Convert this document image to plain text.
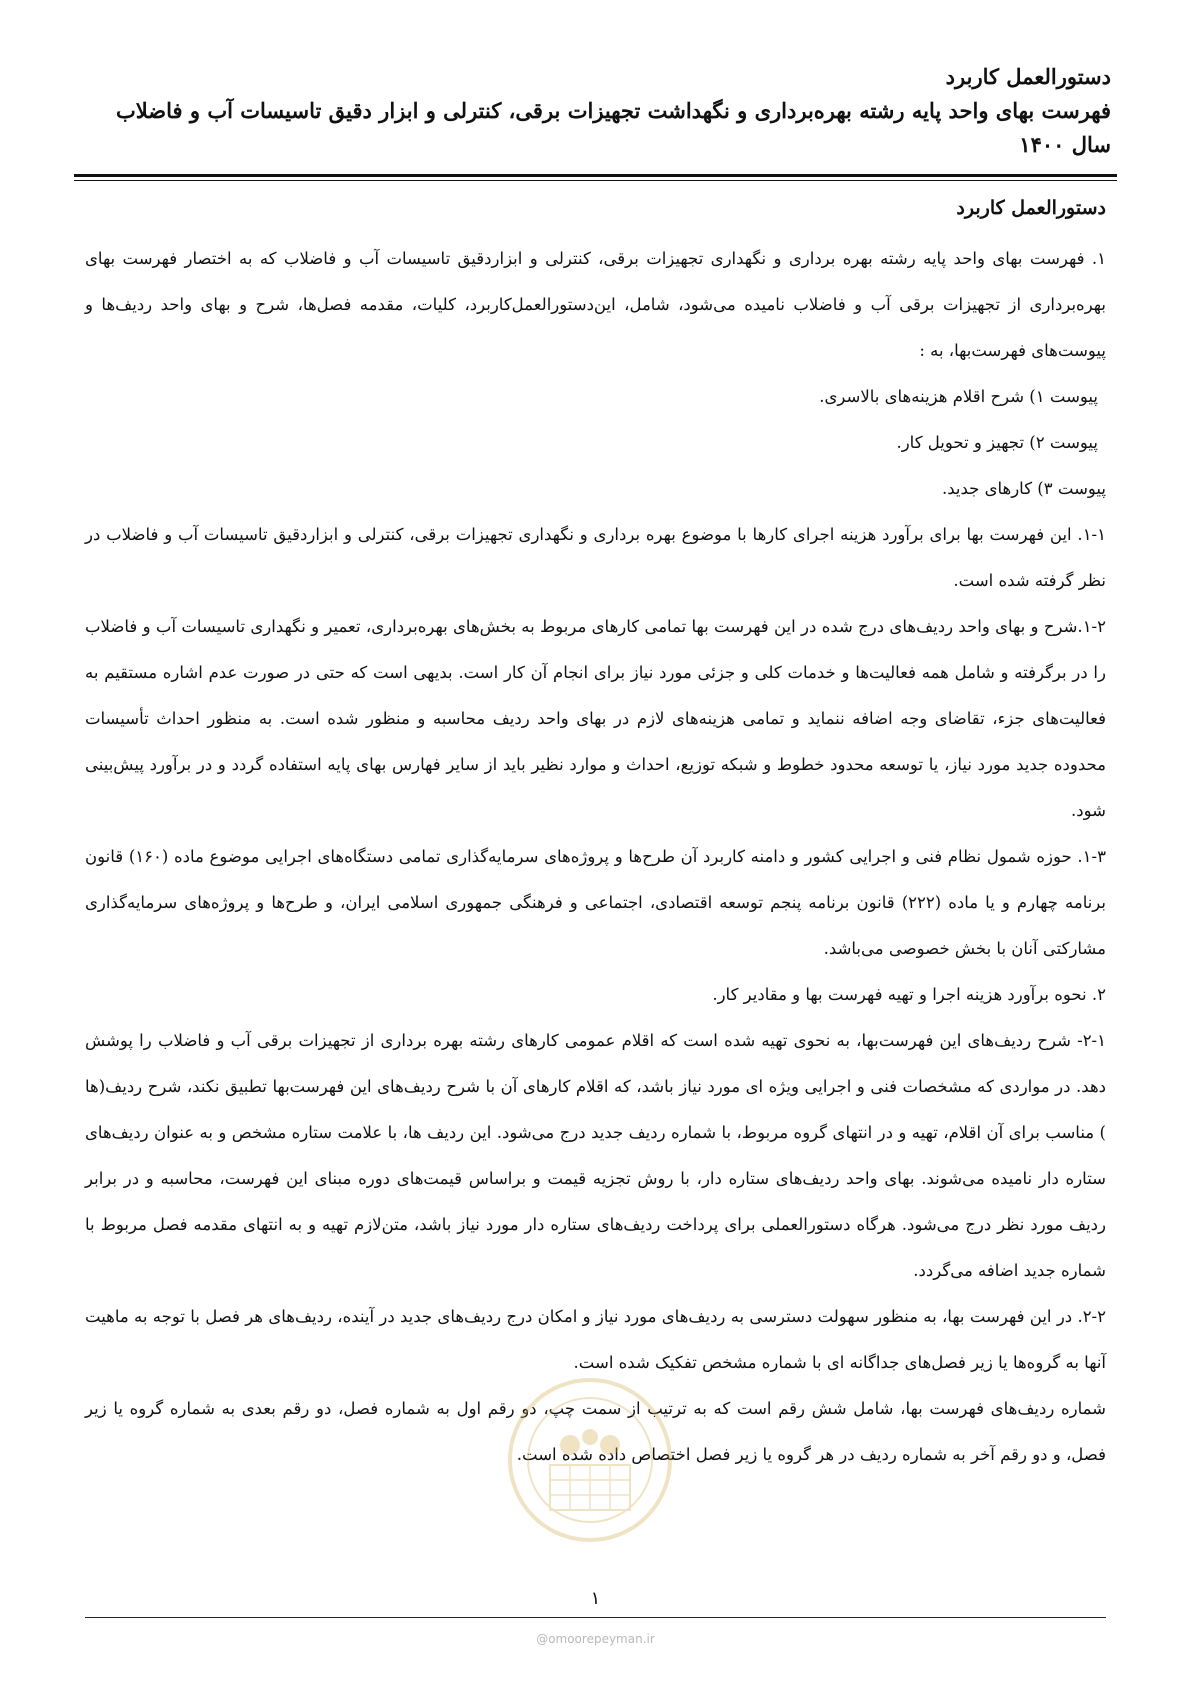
دستورالعمل کاربرد
فهرست بهای واحد پایه رشته بهره‌برداری و نگهداشت تجهیزات برقی، کنترلی و ابزار دقیق تاسیسات آب و فاضلاب سال ۱۴۰۰
دستورالعمل کاربرد

۱. فهرست بهای واحد پایه رشته بهره برداری و نگهداری تجهیزات برقی، کنترلی و ابزاردقیق تاسیسات آب و فاضلاب که به اختصار فهرست بهای بهره‌برداری از تجهیزات برقی آب و فاضلاب نامیده می‌شود، شامل، اینﺩستورالعمل‌کاربرد، کلیات، مقدمه فصل‌ها، شرح و بهای واحد ردیف‌ها و پیوست‌های فهرست‌بها، به :

پیوست ۱) شرح اقلام هزینه‌های بالاسری.

پیوست ۲) تجهیز و تحویل کار.

پیوست ۳) کارهای جدید.

۱-۱. این فهرست بها برای برآورد هزینه اجرای کارها با موضوع بهره برداری و نگهداری تجهیزات برقی، کنترلی و ابزاردقیق تاسیسات آب و فاضلاب در نظر گرفته شده است.

۱-۲.شرح و بهای واحد ردیف‌های درج شده در این فهرست بها تمامی کارهای مربوط به بخش‌های بهره‌برداری، تعمیر و نگهداری تاسیسات آب و فاضلاب را در برگرفته و شامل همه فعالیت‌ها و خدمات کلی و جزئی مورد نیاز برای انجام آن کار است. بدیهی است که حتی در صورت عدم اشاره مستقیم به فعالیت‌های جزء، تقاضای وجه اضافه ننماید و تمامی هزینه‌های لازم در بهای واحد ردیف محاسبه و منظور شده است. به منظور احداث تأسیسات محدوده جدید مورد نیاز، یا توسعه محدود خطوط و شبکه توزیع، احداث و موارد نظیر باید از سایر فهارس بهای پایه استفاده گردد و در برآورد پیش‌بینی شود.

۱-۳. حوزه شمول نظام فنی و اجرایی کشور و دامنه کاربرد آن طرح‌ها و پروژه‌های سرمایه‌گذاری تمامی دستگاه‌های اجرایی موضوع ماده (۱۶۰) قانون برنامه چهارم و یا ماده (۲۲۲) قانون برنامه پنجم توسعه اقتصادی، اجتماعی و فرهنگی جمهوری اسلامی ایران، و طرح‌ها و پروژه‌های سرمایه‌گذاری مشارکتی آنان با بخش خصوصی می‌باشد.

۲. نحوه برآورد هزینه اجرا و تهیه فهرست بها و مقادیر کار.

۲-۱- شرح ردیف‌های این فهرست‌بها، به نحوی تهیه شده است که اقلام عمومی کارهای رشته بهره برداری از تجهیزات برقی آب و فاضلاب را پوشش دهد. در مواردی که مشخصات فنی و اجرایی ویژه ای مورد نیاز باشد، که اقلام کارهای آن با شرح ردیف‌های این فهرست‌بها تطبیق نکند، شرح ردیف(ها ) مناسب برای آن اقلام، تهیه و در انتهای گروه مربوط، با شماره ردیف جدید درج می‌شود. این ردیف ها، با علامت ستاره مشخص و به عنوان ردیف‌های ستاره دار نامیده می‌شوند. بهای واحد ردیف‌های ستاره دار، با روش تجزیه قیمت و براساس قیمت‌های دوره مبنای این فهرست، محاسبه و در برابر ردیف مورد نظر درج می‌شود. هرگاه دستورالعملی برای پرداخت ردیف‌های ستاره دار مورد نیاز باشد، متن‌لازم تهیه و به انتهای مقدمه فصل مربوط با شماره جدید اضافه می‌گردد.

۲-۲. در این فهرست بها، به منظور سهولت دسترسی به ردیف‌های مورد نیاز و امکان درج ردیف‌های جدید در آینده، ردیف‌های هر فصل با توجه به ماهیت آنها به گروه‌ها یا زیر فصل‌های جداگانه ای با شماره مشخص تفکیک شده است.

شماره ردیف‌های فهرست بها، شامل شش رقم است که به ترتیب از سمت چپ، دو رقم اول به شماره فصل، دو رقم بعدی به شماره گروه یا زیر فصل، و دو رقم آخر به شماره ردیف در هر گروه یا زیر فصل اختصاص داده شده است.

۱
@omoorepeyman.ir
